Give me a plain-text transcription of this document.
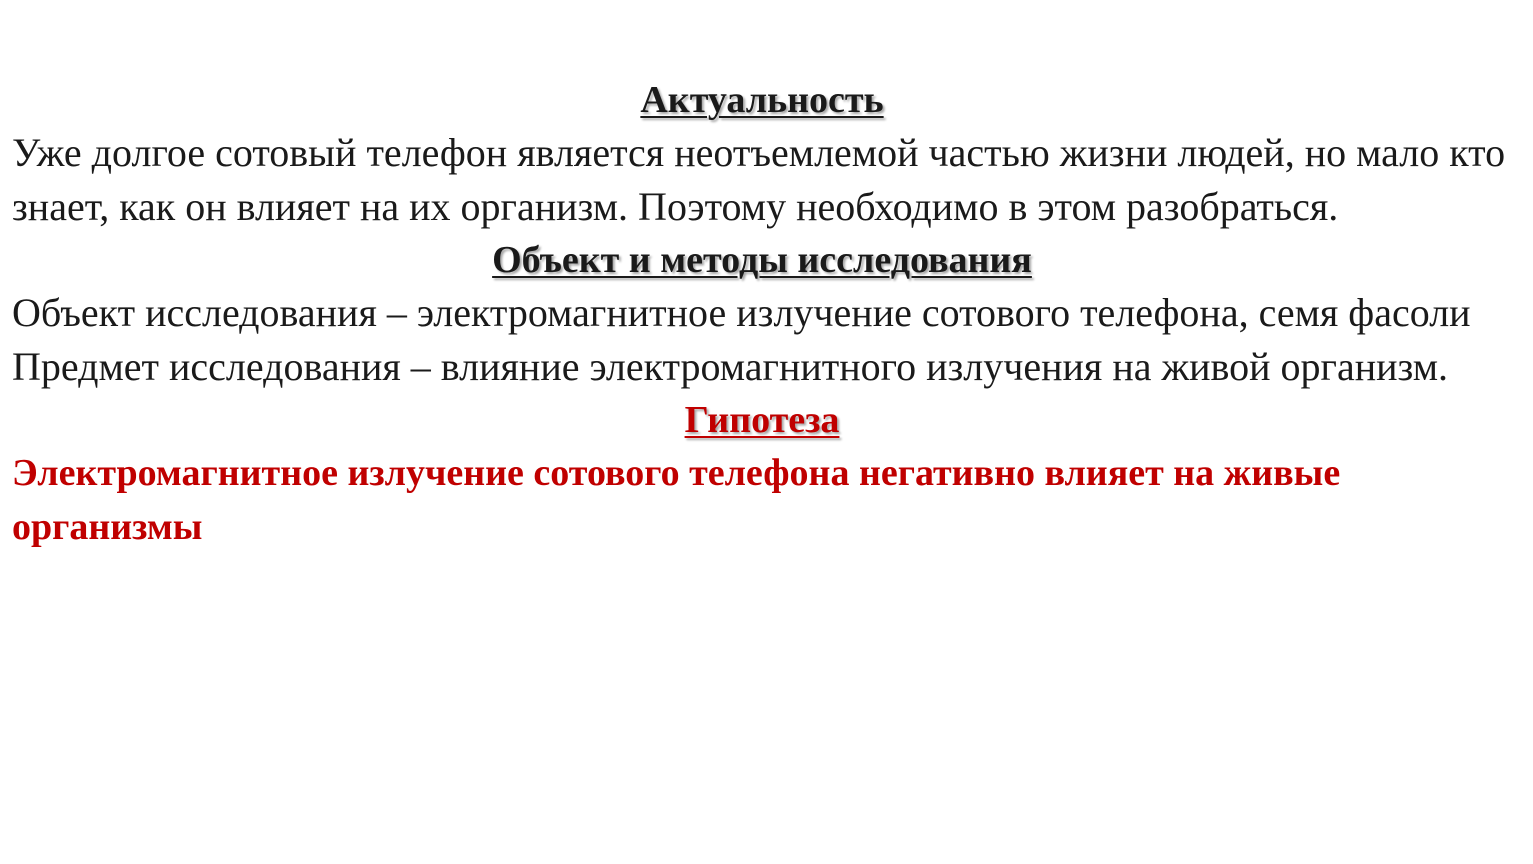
Актуальность
Уже долгое сотовый телефон является неотъемлемой частью жизни людей, но мало кто знает, как он влияет на их организм. Поэтому необходимо в этом разобраться.
Объект и методы исследования
Объект исследования – электромагнитное излучение сотового телефона, семя фасоли
Предмет исследования – влияние электромагнитного излучения на живой организм.
Гипотеза
Электромагнитное излучение сотового телефона негативно влияет на живые организмы
